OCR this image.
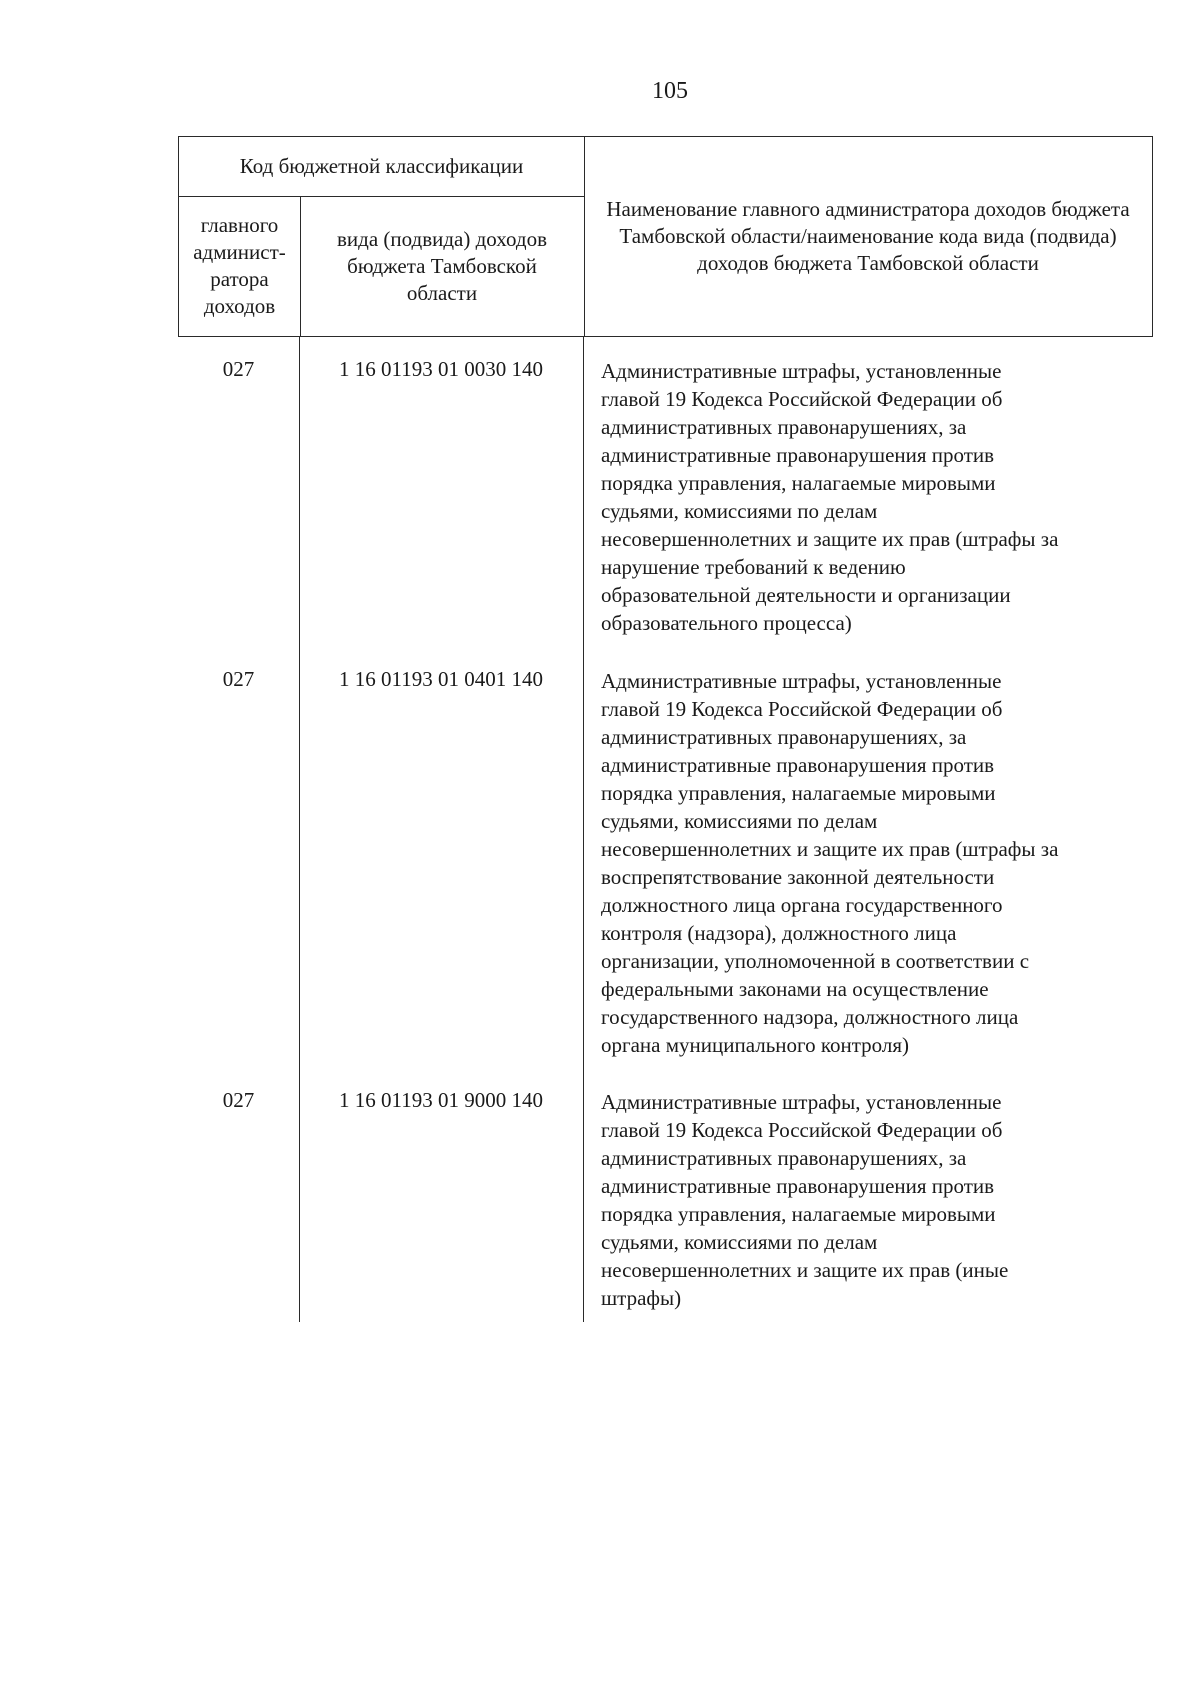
105
Код бюджетной классификации
главного
админист-
ратора
доходов
вида (подвида) доходов бюджета Тамбовской области
Наименование главного администратора доходов бюджета Тамбовской области/наименование кода вида (подвида) доходов бюджета Тамбовской области
027	1 16 01193 01 0030 140	Административные штрафы, установленные
главой 19 Кодекса Российской Федерации об
административных правонарушениях, за
административные правонарушения против
порядка управления, налагаемые мировыми
судьями, комиссиями по делам
несовершеннолетних и защите их прав (штрафы за
нарушение требований к ведению
образовательной деятельности и организации
образовательного процесса)
027	1 16 01193 01 0401 140	Административные штрафы, установленные
главой 19 Кодекса Российской Федерации об
административных правонарушениях, за
административные правонарушения против
порядка управления, налагаемые мировыми
судьями, комиссиями по делам
несовершеннолетних и защите их прав (штрафы за
воспрепятствование законной деятельности
должностного лица органа государственного
контроля (надзора), должностного лица
организации, уполномоченной в соответствии с
федеральными законами на осуществление
государственного надзора, должностного лица
органа муниципального контроля)
027	1 16 01193 01 9000 140	Административные штрафы, установленные
главой 19 Кодекса Российской Федерации об
административных правонарушениях, за
административные правонарушения против
порядка управления, налагаемые мировыми
судьями, комиссиями по делам
несовершеннолетних и защите их прав (иные
штрафы)
